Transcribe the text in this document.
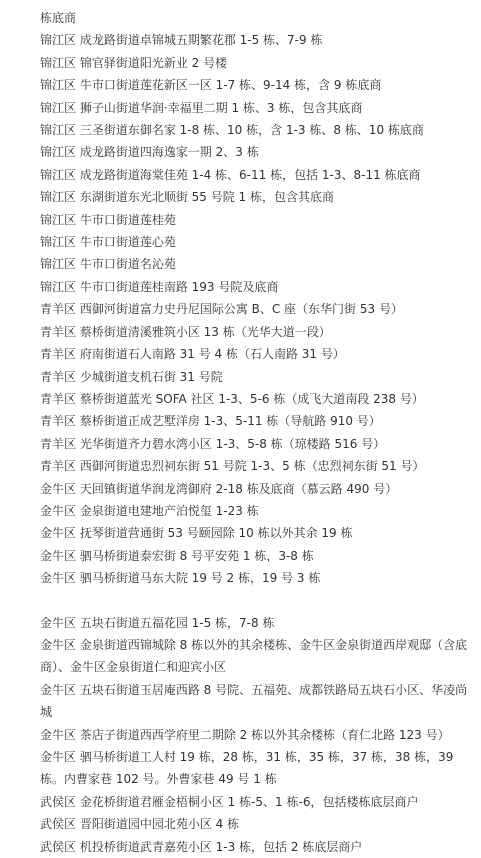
栋底商
锦江区 成龙路街道卓锦城五期繁花郡 1-5 栋、7-9 栋
锦江区 锦官驿街道阳光新业 2 号楼
锦江区 牛市口街道莲花新区一区 1-7 栋、9-14 栋，含 9 栋底商
锦江区 狮子山街道华润·幸福里二期 1 栋、3 栋，包含其底商
锦江区 三圣街道东御名家 1-8 栋、10 栋，含 1-3 栋、8 栋、10 栋底商
锦江区 成龙路街道四海逸家一期 2、3 栋
锦江区 成龙路街道海棠佳苑 1-4 栋、6-11 栋，包括 1-3、8-11 栋底商
锦江区 东湖街道东光北顺街 55 号院 1 栋，包含其底商
锦江区 牛市口街道莲桂苑
锦江区 牛市口街道莲心苑
锦江区 牛市口街道名沁苑
锦江区 牛市口街道莲桂南路 193 号院及底商
青羊区 西御河街道富力史丹尼国际公寓 B、C 座（东华门街 53 号）
青羊区 蔡桥街道清溪雅筑小区 13 栋（光华大道一段）
青羊区 府南街道石人南路 31 号 4 栋（石人南路 31 号）
青羊区 少城街道支机石街 31 号院
青羊区 蔡桥街道蓝光 SOFA 社区 1-3、5-6 栋（成飞大道南段 238 号）
青羊区 蔡桥街道正成艺墅洋房 1-3、5-11 栋（导航路 910 号）
青羊区 光华街道齐力碧水湾小区 1-3、5-8 栋（琼楼路 516 号）
青羊区 西御河街道忠烈祠东街 51 号院 1-3、5 栋（忠烈祠东街 51 号）
金牛区 天回镇街道华润龙湾御府 2-18 栋及底商（慕云路 490 号）
金牛区 金泉街道电建地产泊悦玺 1-23 栋
金牛区 抚琴街道营通街 53 号颐园除 10 栋以外其余 19 栋
金牛区 驷马桥街道泰宏街 8 号平安苑 1 栋，3-8 栋
金牛区 驷马桥街道马东大院 19 号 2 栋，19 号 3 栋
金牛区 五块石街道五福花园 1-5 栋，7-8 栋
金牛区 金泉街道西锦城除 8 栋以外的其余楼栋、金牛区金泉街道西岸观邸（含底商）、金牛区金泉街道仁和迎宾小区
金牛区 五块石街道玉居庵西路 8 号院、五福苑、成都铁路局五块石小区、华凌尚城
金牛区 茶店子街道西西学府里二期除 2 栋以外其余楼栋（育仁北路 123 号）
金牛区 驷马桥街道工人村 19 栋，28 栋，31 栋，35 栋，37 栋，38 栋，39 栋。内曹家巷 102 号。外曹家巷 49 号 1 栋
武侯区 金花桥街道君雁金梧桐小区 1 栋-5、1 栋-6，包括楼栋底层商户
武侯区 晋阳街道园中园北苑小区 4 栋
武侯区 机投桥街道武青嘉苑小区 1-3 栋，包括 2 栋底层商户
